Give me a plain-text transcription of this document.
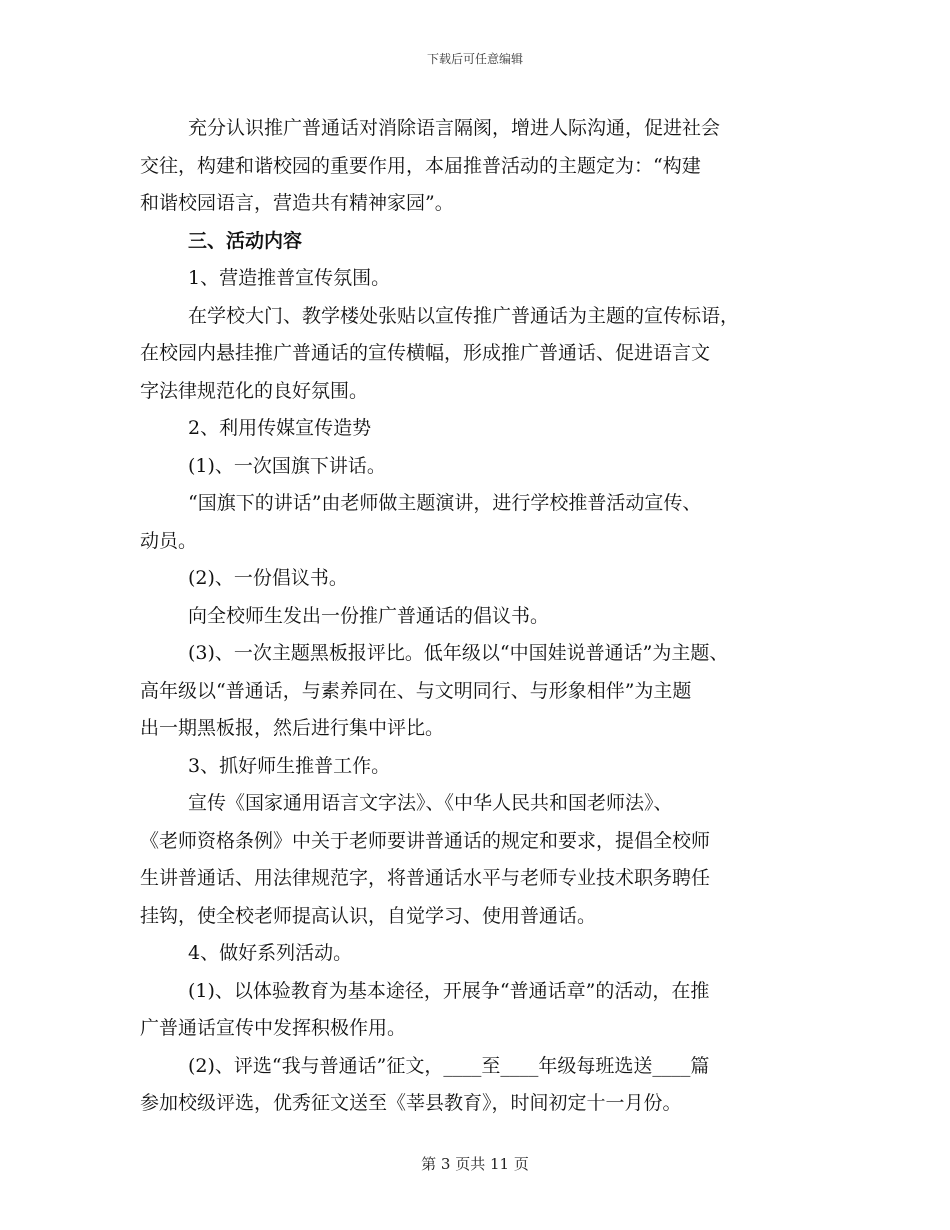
下载后可任意编辑
充分认识推广普通话对消除语言隔阂，增进人际沟通，促进社会
交往，构建和谐校园的重要作用，本届推普活动的主题定为：“构建
和谐校园语言，营造共有精神家园”。
三、活动内容
1、营造推普宣传氛围。
在学校大门、教学楼处张贴以宣传推广普通话为主题的宣传标语，
在校园内悬挂推广普通话的宣传横幅，形成推广普通话、促进语言文
字法律规范化的良好氛围。
2、利用传媒宣传造势
(1)、一次国旗下讲话。
“国旗下的讲话”由老师做主题演讲，进行学校推普活动宣传、
动员。
(2)、一份倡议书。
向全校师生发出一份推广普通话的倡议书。
(3)、一次主题黑板报评比。低年级以“中国娃说普通话”为主题、
高年级以“普通话，与素养同在、与文明同行、与形象相伴”为主题
出一期黑板报，然后进行集中评比。
3、抓好师生推普工作。
宣传《国家通用语言文字法》、《中华人民共和国老师法》、
《老师资格条例》中关于老师要讲普通话的规定和要求，提倡全校师
生讲普通话、用法律规范字，将普通话水平与老师专业技术职务聘任
挂钩，使全校老师提高认识，自觉学习、使用普通话。
4、做好系列活动。
(1)、以体验教育为基本途径，开展争“普通话章”的活动，在推
广普通话宣传中发挥积极作用。
(2)、评选“我与普通话”征文，____至____年级每班选送____篇
参加校级评选，优秀征文送至《莘县教育》，时间初定十一月份。
第 3 页共 11 页
